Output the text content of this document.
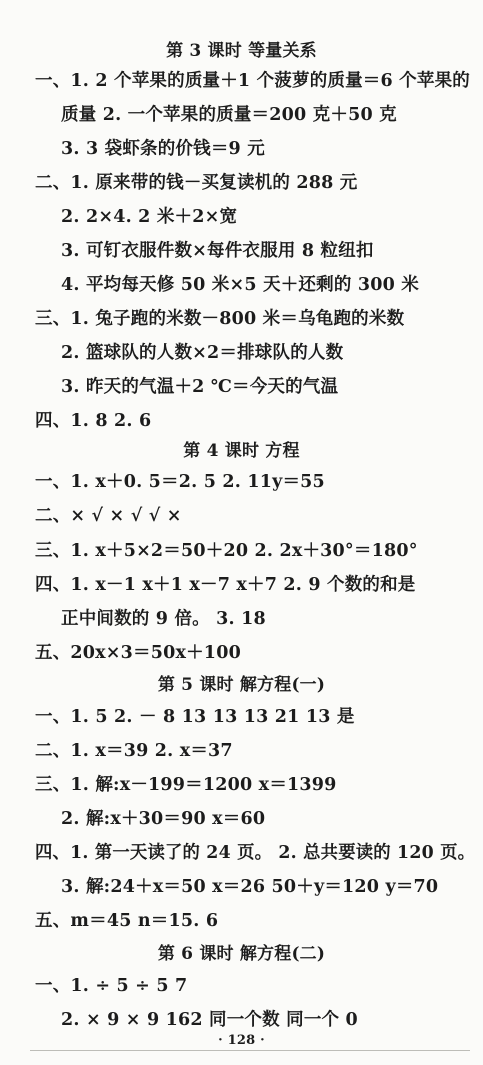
第 3 课时 等量关系
一、1. 2 个苹果的质量＋1 个菠萝的质量＝6 个苹果的
质量 2. 一个苹果的质量＝200 克＋50 克
3. 3 袋虾条的价钱＝9 元
二、1. 原来带的钱－买复读机的 288 元
2. 2×4. 2 米＋2×宽
3. 可钉衣服件数×每件衣服用 8 粒纽扣
4. 平均每天修 50 米×5 天＋还剩的 300 米
三、1. 兔子跑的米数－800 米＝乌龟跑的米数
2. 篮球队的人数×2＝排球队的人数
3. 昨天的气温＋2 ℃＝今天的气温
四、1. 8 2. 6
第 4 课时 方程
一、1. x＋0. 5＝2. 5 2. 11y＝55
二、× √ × √ √ ×
三、1. x＋5×2＝50＋20 2. 2x＋30°＝180°
四、1. x－1 x＋1 x－7 x＋7 2. 9 个数的和是
正中间数的 9 倍。 3. 18
五、20x×3＝50x＋100
第 5 课时 解方程(一)
一、1. 5 2. － 8 13 13 13 21 13 是
二、1. x＝39 2. x＝37
三、1. 解:x－199＝1200 x＝1399
2. 解:x＋30＝90 x＝60
四、1. 第一天读了的 24 页。 2. 总共要读的 120 页。
3. 解:24＋x＝50 x＝26 50＋y＝120 y＝70
五、m＝45 n＝15. 6
第 6 课时 解方程(二)
一、1. ÷ 5 ÷ 5 7
2. × 9 × 9 162 同一个数 同一个 0
· 128 ·
